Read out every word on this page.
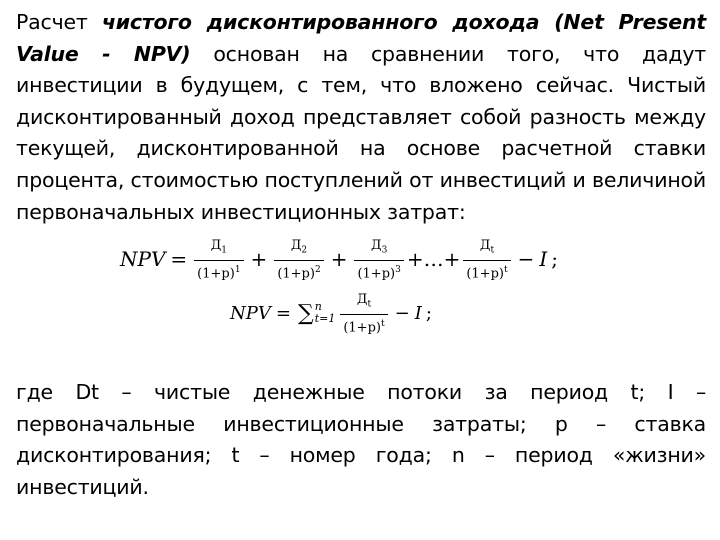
Расчет чистого дисконтированного дохода (Net Present Value - NPV) основан на сравнении того, что дадут инвестиции в будущем, с тем, что вложено сейчас. Чистый дисконтированный доход представляет собой разность между текущей, дисконтированной на основе расчетной ставки процента, стоимостью поступлений от инвестиций и величиной первоначальных инвестиционных затрат:
NPV = $\frac{Д_1}{(1+p)^1} + \frac{Д_2}{(1+p)^2} + \frac{Д_3}{(1+p)^3}$ +…+ $\frac{Д_t}{(1+p)^t} - I$ ;
NPV = ∑ n
$t=1 \frac{Д_t}{(1+p)^t} - I$ ;
где Dt – чистые денежные потоки за период t; I – первоначальные инвестиционные затраты; p – ставка дисконтирования; t – номер года; n – период «жизни» инвестиций.
